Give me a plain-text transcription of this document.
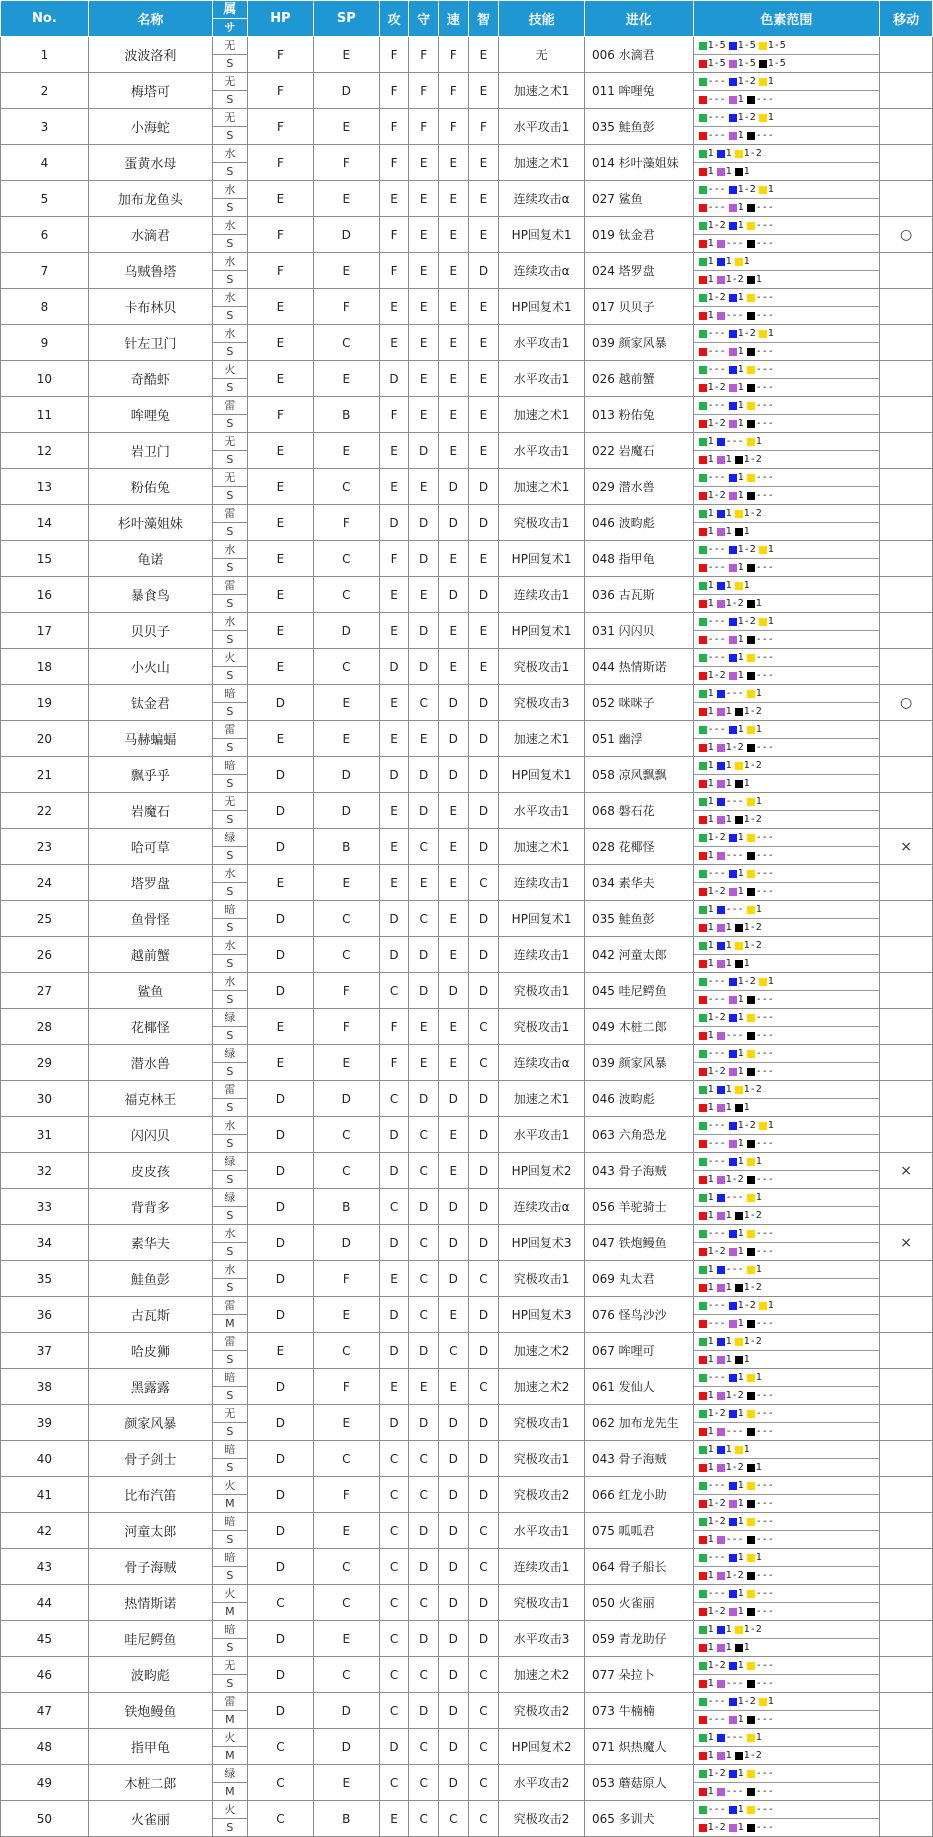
No.	名称	属
サ	HP	SP	攻	守	速	智	技能	进化	色素范围	移动
1	波波洛利	无
S	F	E	F	F	F	E	无	006 水滴君	1-5 1-5 1-5
1-5 1-5 1-5	

2	梅塔可	无
S	F	D	F	F	F	E	加速之术1	011 哞哩兔	--- 1-2 1
--- 1 ---	

3	小海蛇	无
S	F	E	F	F	F	F	水平攻击1	035 鮭鱼彭	--- 1-2 1
--- 1 ---	

4	蛋黄水母	水
S	F	F	F	E	E	E	加速之术1	014 杉叶藻姐妹	1 1 1-2
1 1 1	

5	加布龙鱼头	水
S	E	E	E	E	E	E	连续攻击α	027 鲨鱼	--- 1-2 1
--- 1 ---	

6	水滴君	水
S	F	D	F	E	E	E	HP回复术1	019 钛金君	1-2 1 ---
1 --- ---	○
7	乌贼鲁塔	水
S	F	E	F	E	E	D	连续攻击α	024 塔罗盘	1 1 1
1 1-2 1	

8	卡布林贝	水
S	E	F	E	E	E	E	HP回复术1	017 贝贝子	1-2 1 ---
1 --- ---	

9	针左卫门	水
S	E	C	E	E	E	E	水平攻击1	039 颜家风暴	--- 1-2 1
--- 1 ---	

10	奇酷虾	火
S	E	E	D	E	E	E	水平攻击1	026 越前蟹	--- 1 ---
1-2 1 ---	

11	哞哩兔	雷
S	F	B	F	E	E	E	加速之术1	013 粉佑兔	--- 1 ---
1-2 1 ---	

12	岩卫门	无
S	E	E	E	D	E	E	水平攻击1	022 岩魔石	1 --- 1
1 1 1-2	

13	粉佑兔	无
S	E	C	E	E	D	D	加速之术1	029 潜水兽	--- 1 ---
1-2 1 ---	

14	杉叶藻姐妹	雷
S	E	F	D	D	D	D	究极攻击1	046 波畇彪	1 1 1-2
1 1 1	

15	龟诺	水
S	E	C	F	D	E	E	HP回复术1	048 指甲龟	--- 1-2 1
--- 1 ---	

16	暴食鸟	雷
S	E	C	E	E	D	D	连续攻击1	036 古瓦斯	1 1 1
1 1-2 1	

17	贝贝子	水
S	E	D	E	D	E	E	HP回复术1	031 闪闪贝	--- 1-2 1
--- 1 ---	

18	小火山	火
S	E	C	D	D	E	E	究极攻击1	044 热情斯诺	--- 1 ---
1-2 1 ---	

19	钛金君	暗
S	D	E	E	C	D	D	究极攻击3	052 咪咪子	1 --- 1
1 1 1-2	○
20	马赫蝙蝠	雷
S	E	E	E	E	D	D	加速之术1	051 幽浮	--- 1 1
1 1-2 ---	

21	飘乎乎	暗
S	D	D	D	D	D	D	HP回复术1	058 凉风飘飘	1 1 1-2
1 1 1	

22	岩魔石	无
S	D	D	E	D	E	D	水平攻击1	068 磐石花	1 --- 1
1 1 1-2	

23	哈可草	绿
S	D	B	E	C	E	D	加速之术1	028 花椰怪	1-2 1 ---
1 --- ---	×
24	塔罗盘	水
S	E	E	E	E	E	C	连续攻击1	034 素华夫	--- 1 ---
1-2 1 ---	

25	鱼骨怪	暗
S	D	C	D	C	E	D	HP回复术1	035 鮭鱼彭	1 --- 1
1 1 1-2	

26	越前蟹	水
S	D	C	D	D	E	D	连续攻击1	042 河童太郎	1 1 1-2
1 1 1	

27	鲨鱼	水
S	D	F	C	D	D	D	究极攻击1	045 哇尼鳄鱼	--- 1-2 1
--- 1 ---	

28	花椰怪	绿
S	E	F	F	E	E	C	究极攻击1	049 木桩二郎	1-2 1 ---
1 --- ---	

29	潜水兽	绿
S	E	E	F	E	E	C	连续攻击α	039 颜家风暴	--- 1 ---
1-2 1 ---	

30	福克林王	雷
S	D	D	C	D	D	D	加速之术1	046 波畇彪	1 1 1-2
1 1 1	

31	闪闪贝	水
S	D	C	D	C	E	D	水平攻击1	063 六角恐龙	--- 1-2 1
--- 1 ---	

32	皮皮孩	绿
S	D	C	D	C	E	D	HP回复术2	043 骨子海贼	--- 1 1
1 1-2 ---	×
33	背背多	绿
S	D	B	C	D	D	D	连续攻击α	056 羊驼骑士	1 --- 1
1 1 1-2	

34	素华夫	水
S	D	D	D	C	D	D	HP回复术3	047 铁炮鳗鱼	--- 1 ---
1-2 1 ---	×
35	鮭鱼彭	水
S	D	F	E	C	D	C	究极攻击1	069 丸太君	1 --- 1
1 1 1-2	

36	古瓦斯	雷
M	D	E	D	C	E	D	HP回复术3	076 怪鸟沙沙	--- 1-2 1
--- 1 ---	

37	哈皮狮	雷
S	E	C	D	D	C	D	加速之术2	067 哞哩可	1 1 1-2
1 1 1	

38	黑露露	暗
S	D	F	E	E	E	C	加速之术2	061 发仙人	--- 1 1
1 1-2 ---	

39	颜家风暴	无
S	D	E	D	D	D	D	究极攻击1	062 加布龙先生	1-2 1 ---
1 --- ---	

40	骨子剑士	暗
S	D	C	C	C	D	D	究极攻击1	043 骨子海贼	1 1 1
1 1-2 1	

41	比布汽笛	火
M	D	F	C	C	D	D	究极攻击2	066 红龙小助	--- 1 ---
1-2 1 ---	

42	河童太郎	暗
S	D	E	C	D	D	C	水平攻击1	075 呱呱君	1-2 1 ---
1 --- ---	

43	骨子海贼	暗
S	D	C	C	D	D	C	连续攻击1	064 骨子船长	--- 1 1
1 1-2 ---	

44	热情斯诺	火
M	C	C	C	C	D	D	究极攻击1	050 火雀丽	--- 1 ---
1-2 1 ---	

45	哇尼鳄鱼	暗
S	D	E	C	D	D	D	水平攻击3	059 青龙助仔	1 1 1-2
1 1 1	

46	波畇彪	无
S	D	C	C	C	D	C	加速之术2	077 朵拉卜	1-2 1 ---
1 --- ---	

47	铁炮鳗鱼	雷
M	D	D	C	D	D	C	究极攻击2	073 牛楠楠	--- 1-2 1
--- 1 ---	

48	指甲龟	火
M	C	D	D	C	D	C	HP回复术2	071 炽热魔人	1 --- 1
1 1 1-2	

49	木桩二郎	绿
M	C	E	C	C	D	C	水平攻击2	053 蘑菇原人	1-2 1 ---
1 --- ---	

50	火雀丽	火
S	C	B	E	C	C	C	究极攻击2	065 多训犬	--- 1 ---
1-2 1 ---	
